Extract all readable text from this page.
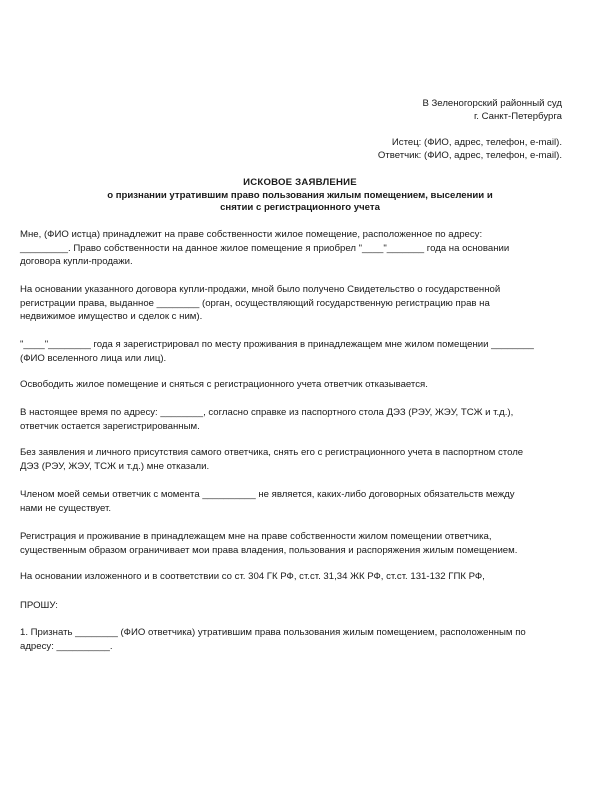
В Зеленогорский районный суд
г. Санкт-Петербурга
Истец: (ФИО, адрес, телефон, e-mail).
Ответчик: (ФИО, адрес, телефон, e-mail).
ИСКОВОЕ ЗАЯВЛЕНИЕ
о признании утратившим право пользования жилым помещением, выселении и
снятии с регистрационного учета
Мне, (ФИО истца) принадлежит на праве собственности жилое помещение, расположенное по адресу:
_________. Право собственности на данное жилое помещение я приобрел "____"_______ года на основании
договора купли-продажи.
На основании указанного договора купли-продажи, мной было получено Свидетельство о государственной
регистрации права, выданное ________ (орган, осуществляющий государственную регистрацию прав на
недвижимое имущество и сделок с ним).
"____"________ года я зарегистрировал по месту проживания в принадлежащем мне жилом помещении ________
(ФИО вселенного лица или лиц).
Освободить жилое помещение и сняться с регистрационного учета ответчик отказывается.
В настоящее время по адресу: ________, согласно справке из паспортного стола ДЭЗ (РЭУ, ЖЭУ, ТСЖ и т.д.),
ответчик остается зарегистрированным.
Без заявления и личного присутствия самого ответчика, снять его с регистрационного учета в паспортном столе
ДЭЗ (РЭУ, ЖЭУ, ТСЖ и т.д.) мне отказали.
Членом моей семьи ответчик с момента __________ не является, каких-либо договорных обязательств между
нами не существует.
Регистрация и проживание в принадлежащем мне на праве собственности жилом помещении ответчика,
существенным образом ограничивает мои права владения, пользования и распоряжения жилым помещением.
На основании изложенного и в соответствии со ст. 304 ГК РФ, ст.ст. 31,34 ЖК РФ, ст.ст. 131-132 ГПК РФ,
ПРОШУ:
1. Признать ________ (ФИО ответчика) утратившим права пользования жилым помещением, расположенным по
адресу: __________.
